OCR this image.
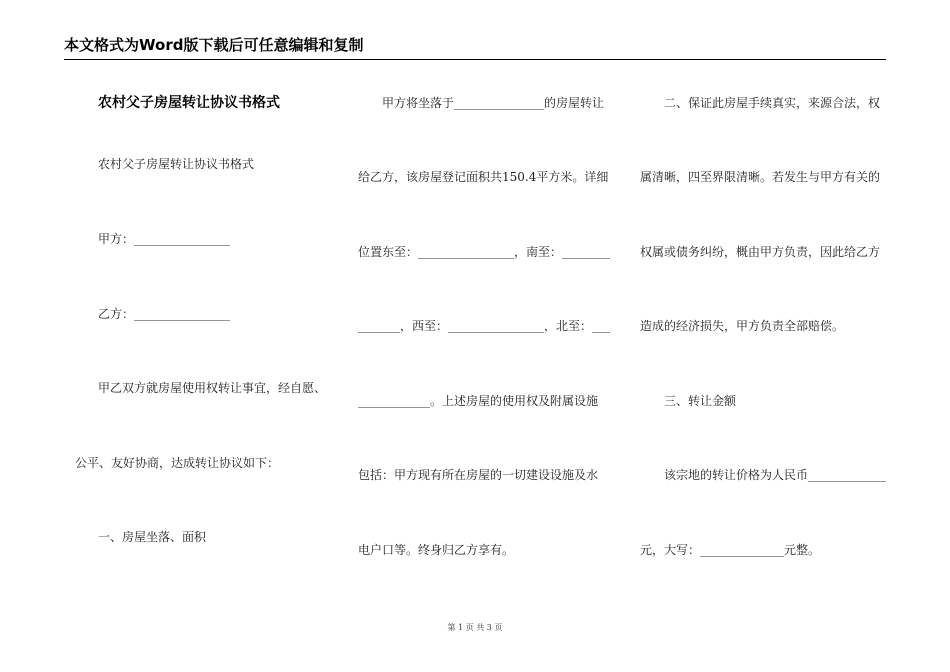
本文格式为Word版下载后可任意编辑和复制
农村父子房屋转让协议书格式
农村父子房屋转让协议书格式
甲方：________________
乙方：________________
甲乙双方就房屋使用权转让事宜，经自愿、
公平、友好协商，达成转让协议如下：
一、房屋坐落、面积
甲方将坐落于_______________的房屋转让
给乙方，该房屋登记面积共150.4平方米。详细
位置东至：________________，南至：________
_______，西至：________________，北至：___
____________。上述房屋的使用权及附属设施
包括：甲方现有所在房屋的一切建设设施及水
电户口等。终身归乙方享有。
二、保证此房屋手续真实，来源合法，权
属清晰，四至界限清晰。若发生与甲方有关的
权属或债务纠纷，概由甲方负责，因此给乙方
造成的经济损失，甲方负责全部赔偿。
三、转让金额
该宗地的转让价格为人民币_____________
元，大写：______________元整。
第 1 页 共 3 页
